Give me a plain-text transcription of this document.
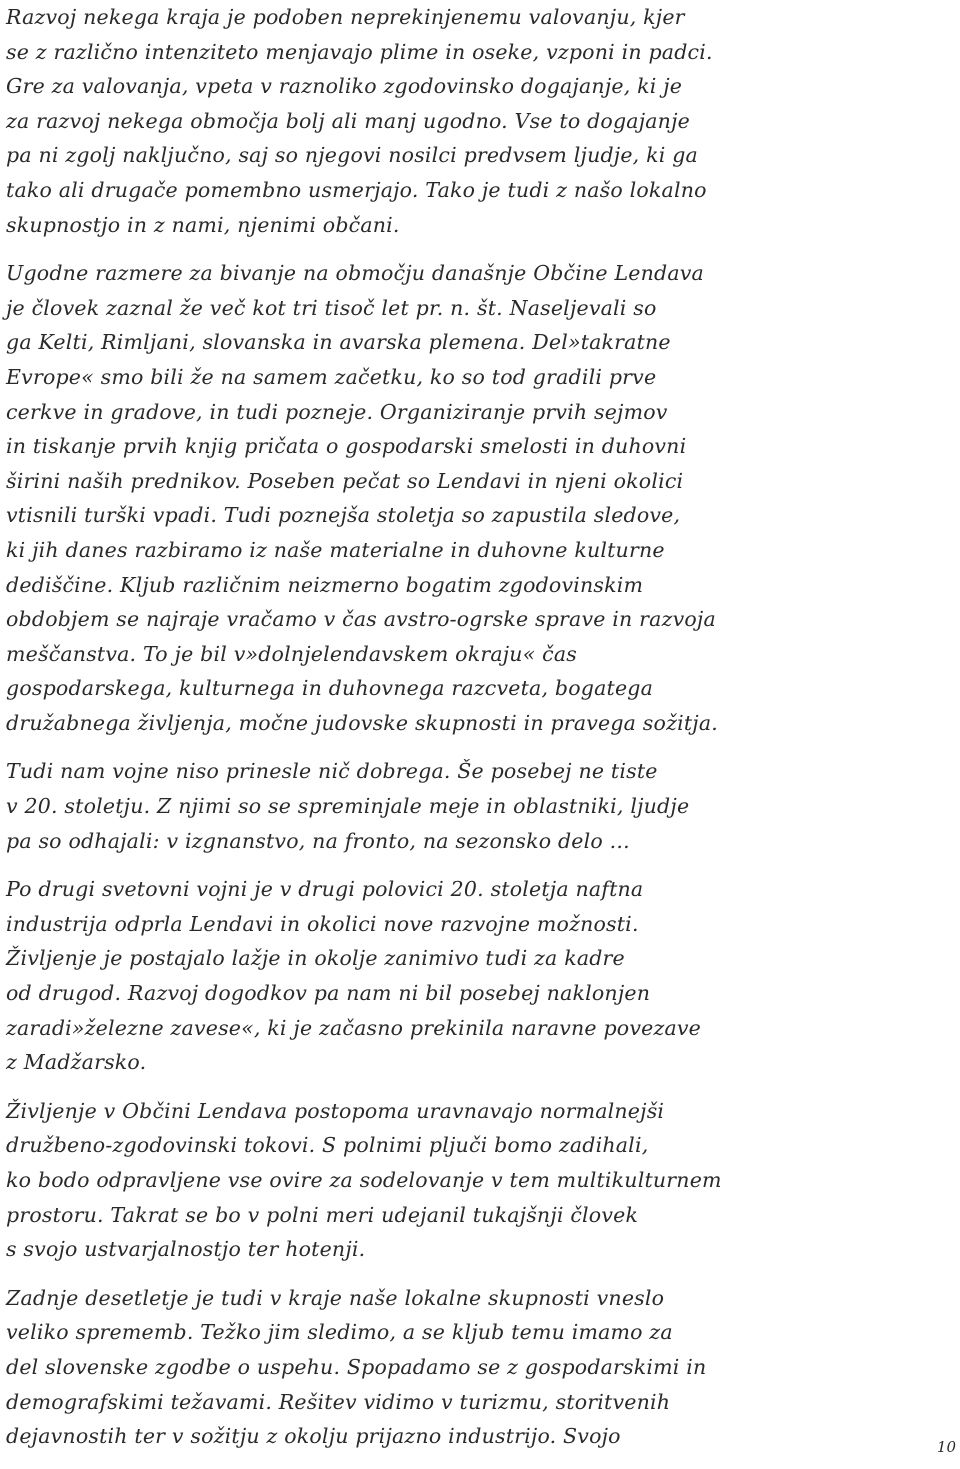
Razvoj nekega kraja je podoben neprekinjenemu valovanju, kjer
se z različno intenziteto menjavajo plime in oseke, vzponi in padci.
Gre za valovanja, vpeta v raznoliko zgodovinsko dogajanje, ki je
za razvoj nekega območja bolj ali manj ugodno. Vse to dogajanje
pa ni zgolj naključno, saj so njegovi nosilci predvsem ljudje, ki ga
tako ali drugače pomembno usmerjajo. Tako je tudi z našo lokalno
skupnostjo in z nami, njenimi občani.
Ugodne razmere za bivanje na območju današnje Občine Lendava
je človek zaznal že več kot tri tisoč let pr. n. št. Naseljevali so
ga Kelti, Rimljani, slovanska in avarska plemena. Del»takratne
Evrope« smo bili že na samem začetku, ko so tod gradili prve
cerkve in gradove, in tudi pozneje. Organiziranje prvih sejmov
in tiskanje prvih knjig pričata o gospodarski smelosti in duhovni
širini naših prednikov. Poseben pečat so Lendavi in njeni okolici
vtisnili turški vpadi. Tudi poznejša stoletja so zapustila sledove,
ki jih danes razbiramo iz naše materialne in duhovne kulturne
dediščine. Kljub različnim neizmerno bogatim zgodovinskim
obdobjem se najraje vračamo v čas avstro-ogrske sprave in razvoja
meščanstva. To je bil v»dolnjelendavskem okraju« čas
gospodarskega, kulturnega in duhovnega razcveta, bogatega
družabnega življenja, močne judovske skupnosti in pravega sožitja.
Tudi nam vojne niso prinesle nič dobrega. Še posebej ne tiste
v 20. stoletju. Z njimi so se spreminjale meje in oblastniki, ljudje
pa so odhajali: v izgnanstvo, na fronto, na sezonsko delo ...
Po drugi svetovni vojni je v drugi polovici 20. stoletja naftna
industrija odprla Lendavi in okolici nove razvojne možnosti.
Življenje je postajalo lažje in okolje zanimivo tudi za kadre
od drugod. Razvoj dogodkov pa nam ni bil posebej naklonjen
zaradi»železne zavese«, ki je začasno prekinila naravne povezave
z Madžarsko.
Življenje v Občini Lendava postopoma uravnavajo normalnejši
družbeno-zgodovinski tokovi. S polnimi pljuči bomo zadihali,
ko bodo odpravljene vse ovire za sodelovanje v tem multikulturnem
prostoru. Takrat se bo v polni meri udejanil tukajšnji človek
s svojo ustvarjalnostjo ter hotenji.
Zadnje desetletje je tudi v kraje naše lokalne skupnosti vneslo
veliko sprememb. Težko jim sledimo, a se kljub temu imamo za
del slovenske zgodbe o uspehu. Spopadamo se z gospodarskimi in
demografskimi težavami. Rešitev vidimo v turizmu, storitvenih
dejavnostih ter v sožitju z okolju prijazno industrijo. Svojo	10
